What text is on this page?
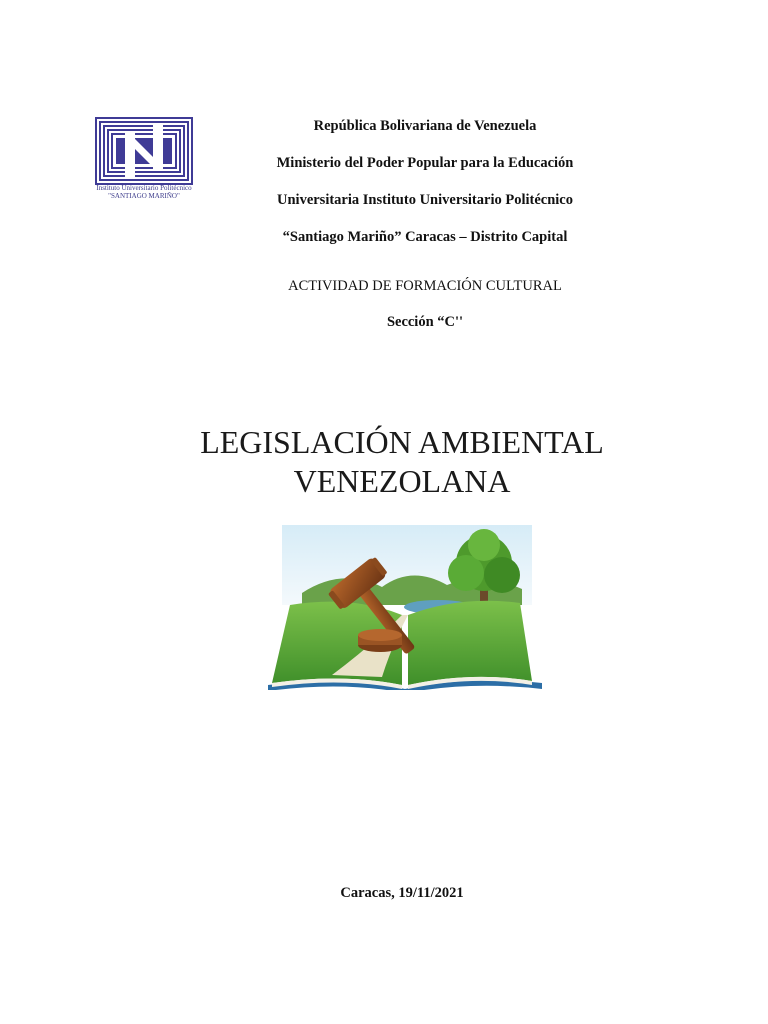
Instituto Universitario Politécnico
"SANTIAGO MARIÑO"
República Bolivariana de Venezuela
Ministerio del Poder Popular para la Educación
Universitaria Instituto Universitario Politécnico
“Santiago Mariño” Caracas – Distrito Capital
ACTIVIDAD DE FORMACIÓN CULTURAL
Sección “C''
LEGISLACIÓN AMBIENTAL
VENEZOLANA
Caracas, 19/11/2021
